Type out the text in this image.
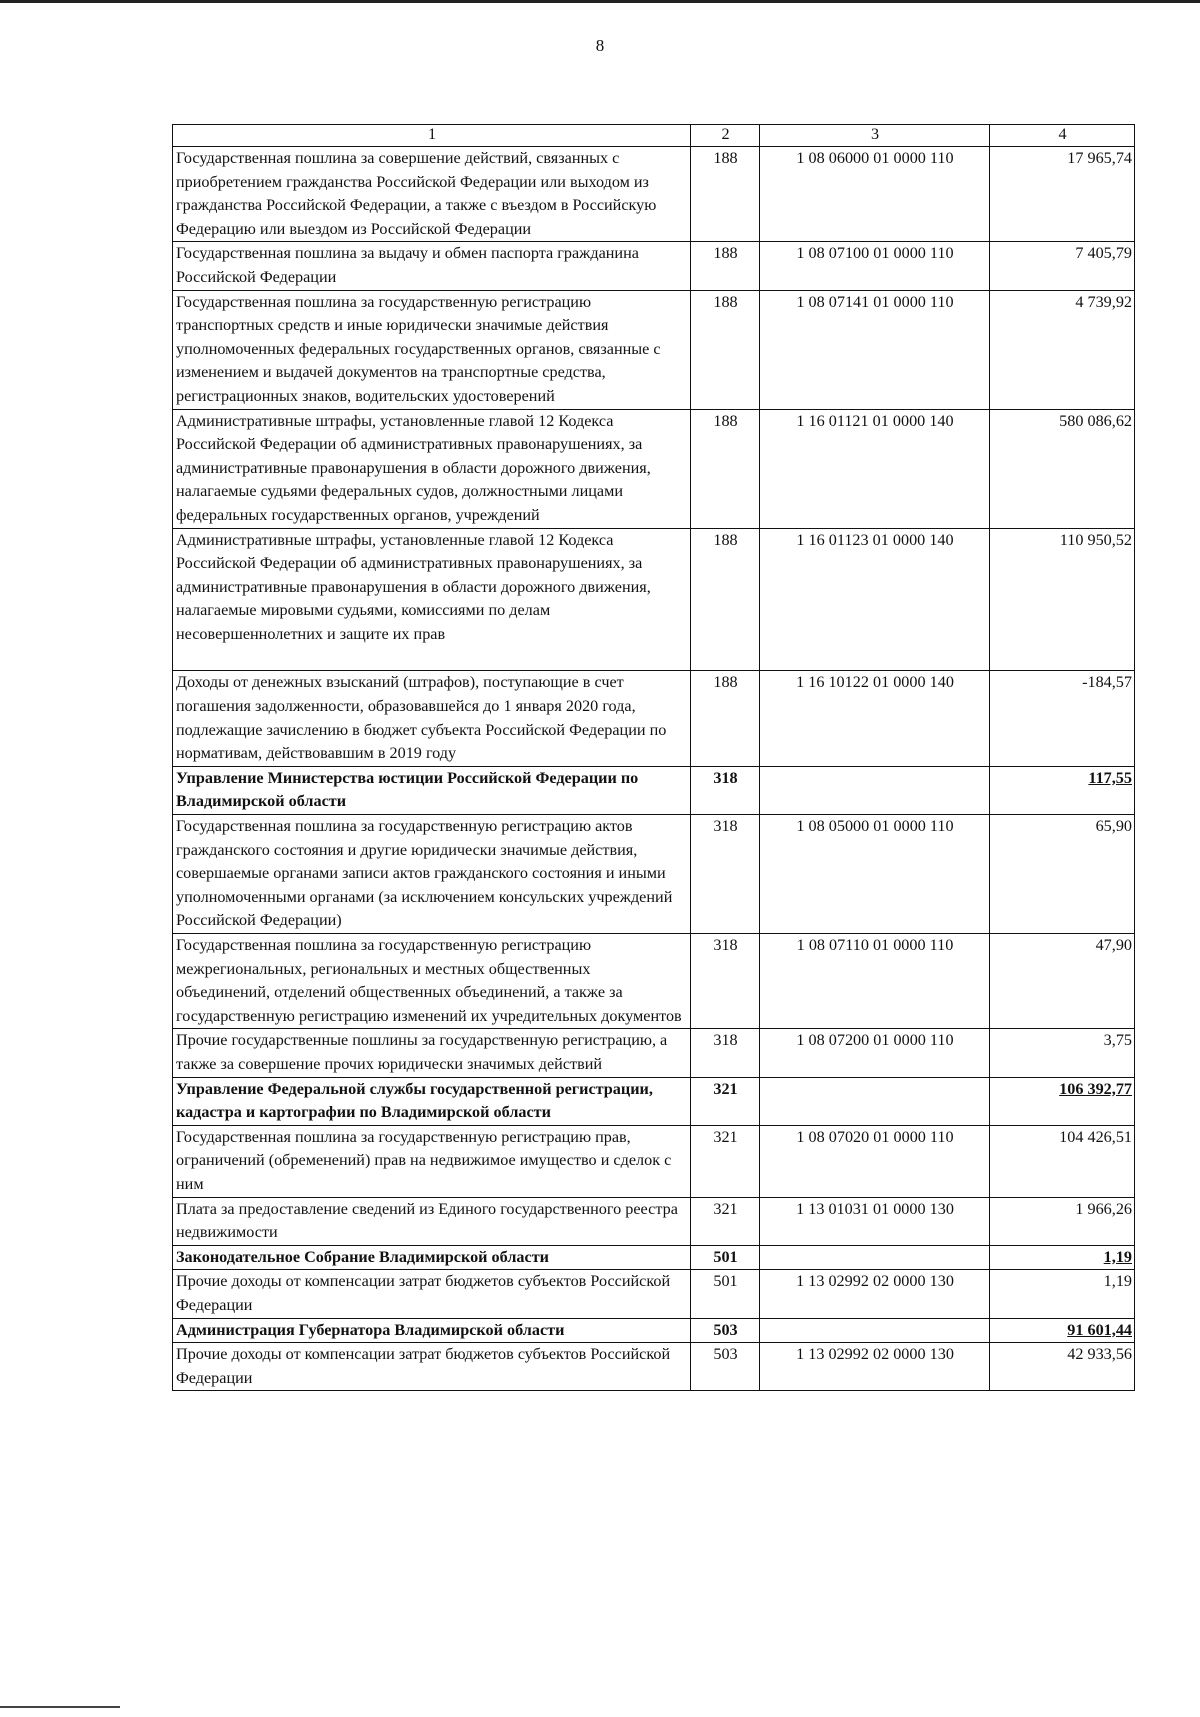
8
1	2	3	4
Государственная пошлина за совершение действий, связанных с приобретением гражданства Российской Федерации или выходом из гражданства Российской Федерации, а также с въездом в Российскую Федерацию или выездом из Российской Федерации	188	1 08 06000 01 0000 110	17 965,74
Государственная пошлина за выдачу и обмен паспорта гражданина Российской Федерации	188	1 08 07100 01 0000 110	7 405,79
Государственная пошлина за государственную регистрацию транспортных средств и иные юридически значимые действия уполномоченных федеральных государственных органов, связанные с изменением и выдачей документов на транспортные средства, регистрационных знаков, водительских удостоверений	188	1 08 07141 01 0000 110	4 739,92
Административные штрафы, установленные главой 12 Кодекса Российской Федерации об административных правонарушениях, за административные правонарушения в области дорожного движения, налагаемые судьями федеральных судов, должностными лицами федеральных государственных органов, учреждений	188	1 16 01121 01 0000 140	580 086,62
Административные штрафы, установленные главой 12 Кодекса Российской Федерации об административных правонарушениях, за административные правонарушения в области дорожного движения, налагаемые мировыми судьями, комиссиями по делам несовершеннолетних и защите их прав	188	1 16 01123 01 0000 140	110 950,52
Доходы от денежных взысканий (штрафов), поступающие в счет погашения задолженности, образовавшейся до 1 января 2020 года, подлежащие зачислению в бюджет субъекта Российской Федерации по нормативам, действовавшим в 2019 году	188	1 16 10122 01 0000 140	-184,57
Управление Министерства юстиции Российской Федерации по Владимирской области	318		117,55
Государственная пошлина за государственную регистрацию актов гражданского состояния и другие юридически значимые действия, совершаемые органами записи актов гражданского состояния и иными уполномоченными органами (за исключением консульских учреждений Российской Федерации)	318	1 08 05000 01 0000 110	65,90
Государственная пошлина за государственную регистрацию межрегиональных, региональных и местных общественных объединений, отделений общественных объединений, а также за государственную регистрацию изменений их учредительных документов	318	1 08 07110 01 0000 110	47,90
Прочие государственные пошлины за государственную регистрацию, а также за совершение прочих юридически значимых действий	318	1 08 07200 01 0000 110	3,75
Управление Федеральной службы государственной регистрации, кадастра и картографии по Владимирской области	321		106 392,77
Государственная пошлина за государственную регистрацию прав, ограничений (обременений) прав на недвижимое имущество и сделок с ним	321	1 08 07020 01 0000 110	104 426,51
Плата за предоставление сведений из Единого государственного реестра недвижимости	321	1 13 01031 01 0000 130	1 966,26
Законодательное Собрание Владимирской области	501		1,19
Прочие доходы от компенсации затрат бюджетов субъектов Российской Федерации	501	1 13 02992 02 0000 130	1,19
Администрация Губернатора Владимирской области	503		91 601,44
Прочие доходы от компенсации затрат бюджетов субъектов Российской Федерации	503	1 13 02992 02 0000 130	42 933,56
